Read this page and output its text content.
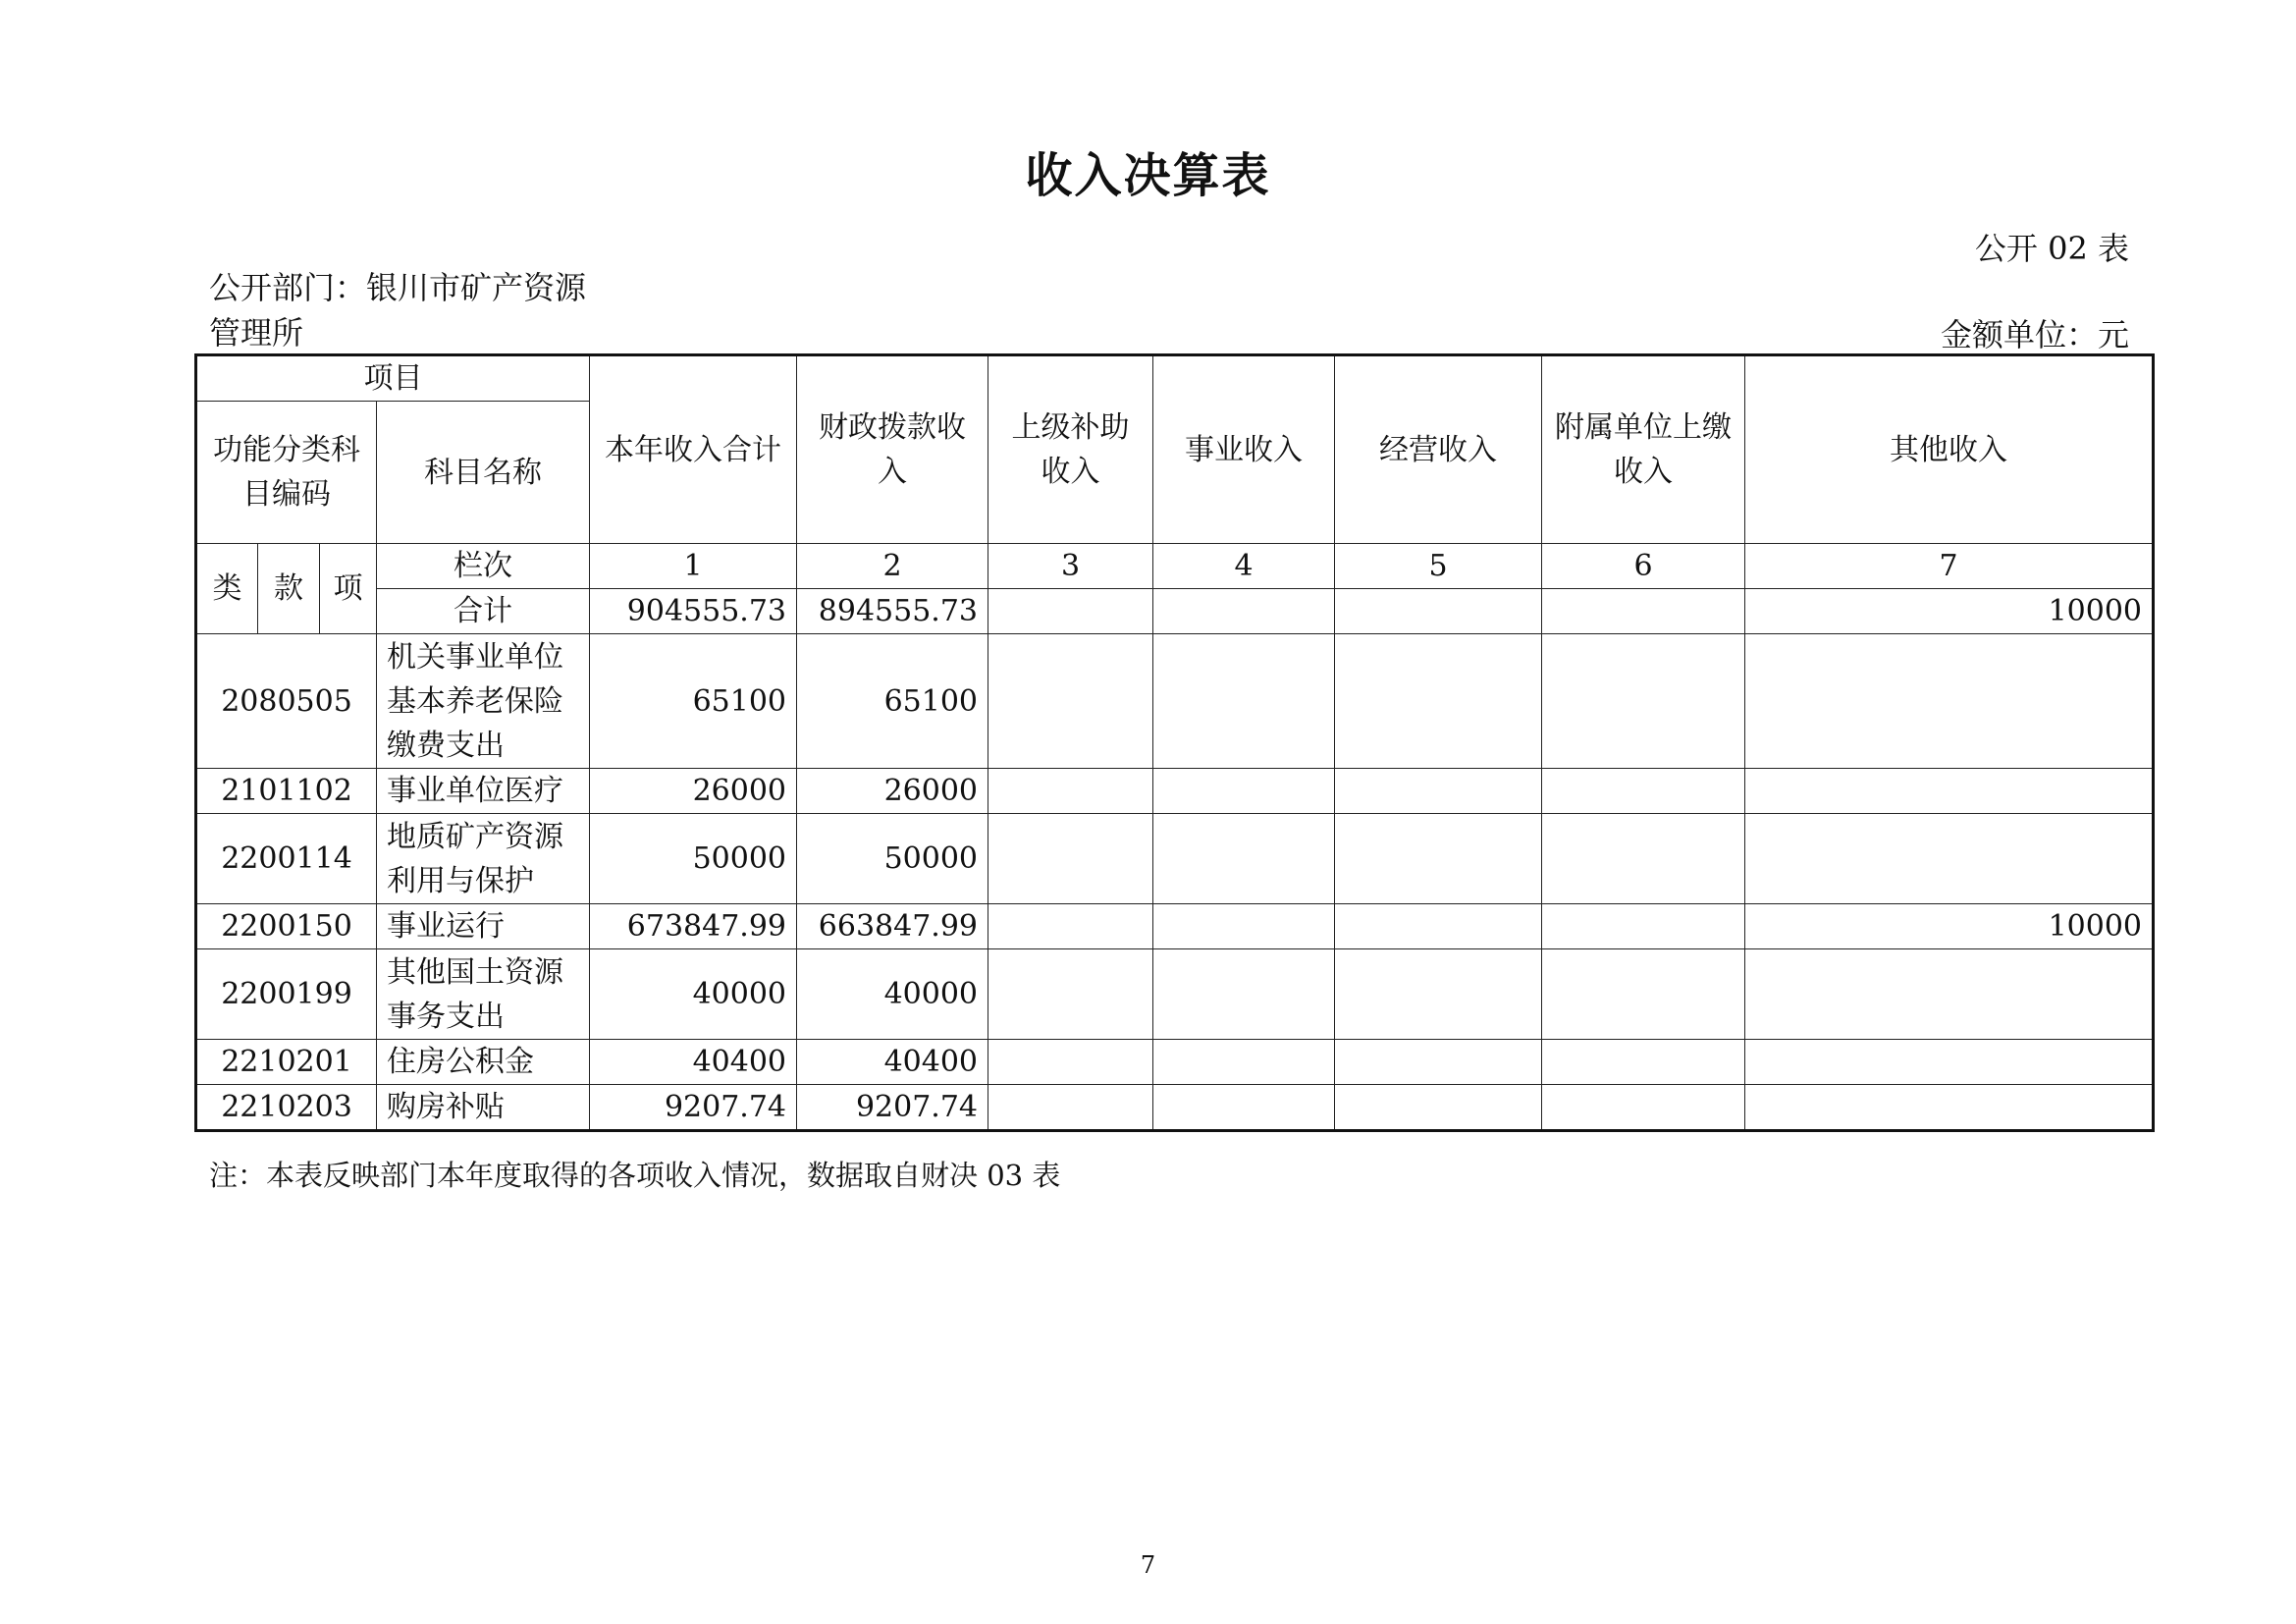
收入决算表
公开 02 表
公开部门：银川市矿产资源管理所	金额单位：元
项目				本年收入合计	财政拨款收入	上级补助收入	事业收入	经营收入	附属单位上缴收入	其他收入
功能分类科目编码			科目名称							
类	款	项	栏次	1	2	3	4	5	6	7
			合计	904555.73	894555.73					10000
2080505			机关事业单位基本养老保险缴费支出	65100	65100					
2101102			事业单位医疗	26000	26000					
2200114			地质矿产资源利用与保护	50000	50000					
2200150			事业运行	673847.99	663847.99					10000
2200199			其他国土资源事务支出	40000	40000					
2210201			住房公积金	40400	40400					
2210203			购房补贴	9207.74	9207.74					
注：本表反映部门本年度取得的各项收入情况，数据取自财决 03 表
7
